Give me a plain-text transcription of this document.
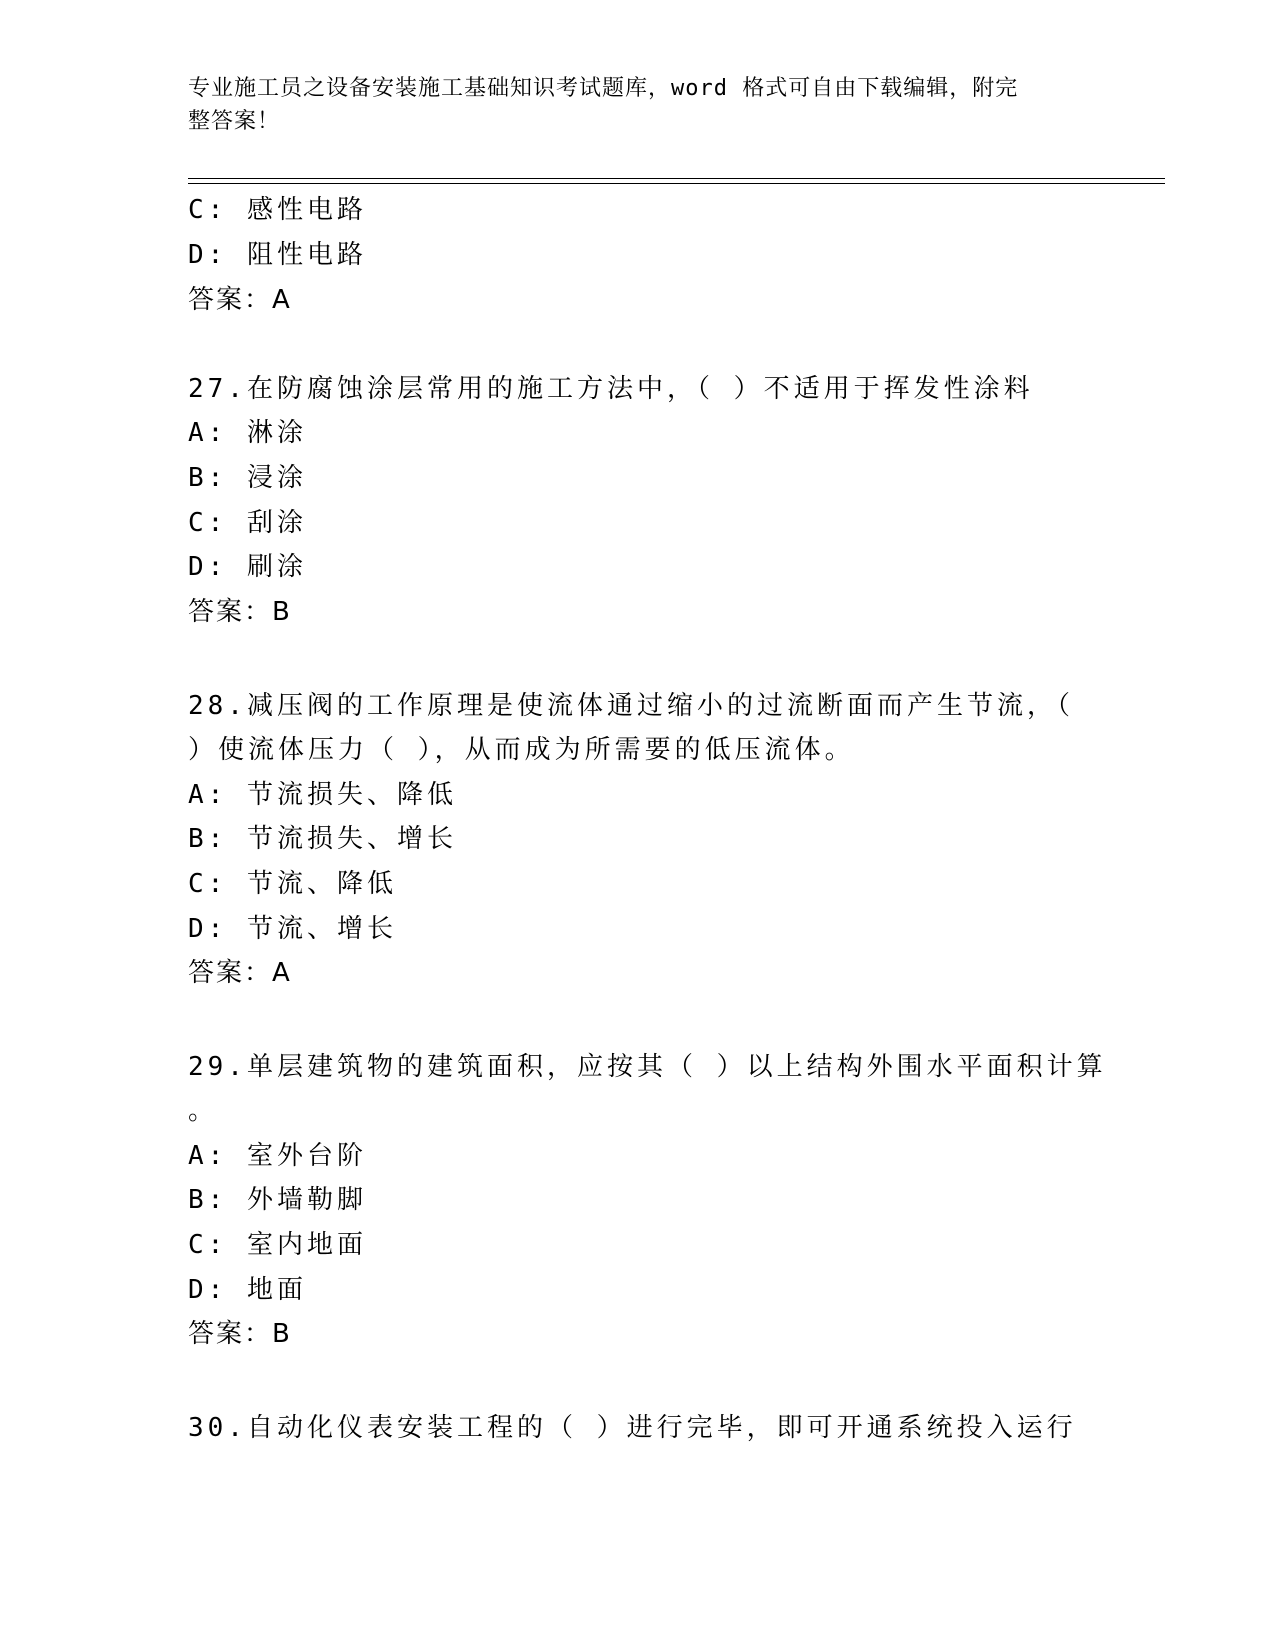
专业施工员之设备安装施工基础知识考试题库，word 格式可自由下载编辑，附完
整答案！
C: 感性电路
D: 阻性电路
答案：A
27.在防腐蚀涂层常用的施工方法中，（ ）不适用于挥发性涂料
A: 淋涂
B: 浸涂
C: 刮涂
D: 刷涂
答案：B
28.减压阀的工作原理是使流体通过缩小的过流断面而产生节流，（
）使流体压力（ ），从而成为所需要的低压流体。
A: 节流损失、降低
B: 节流损失、增长
C: 节流、降低
D: 节流、增长
答案：A
29.单层建筑物的建筑面积，应按其（ ）以上结构外围水平面积计算
。
A: 室外台阶
B: 外墙勒脚
C: 室内地面
D: 地面
答案：B
30.自动化仪表安装工程的（ ）进行完毕，即可开通系统投入运行
